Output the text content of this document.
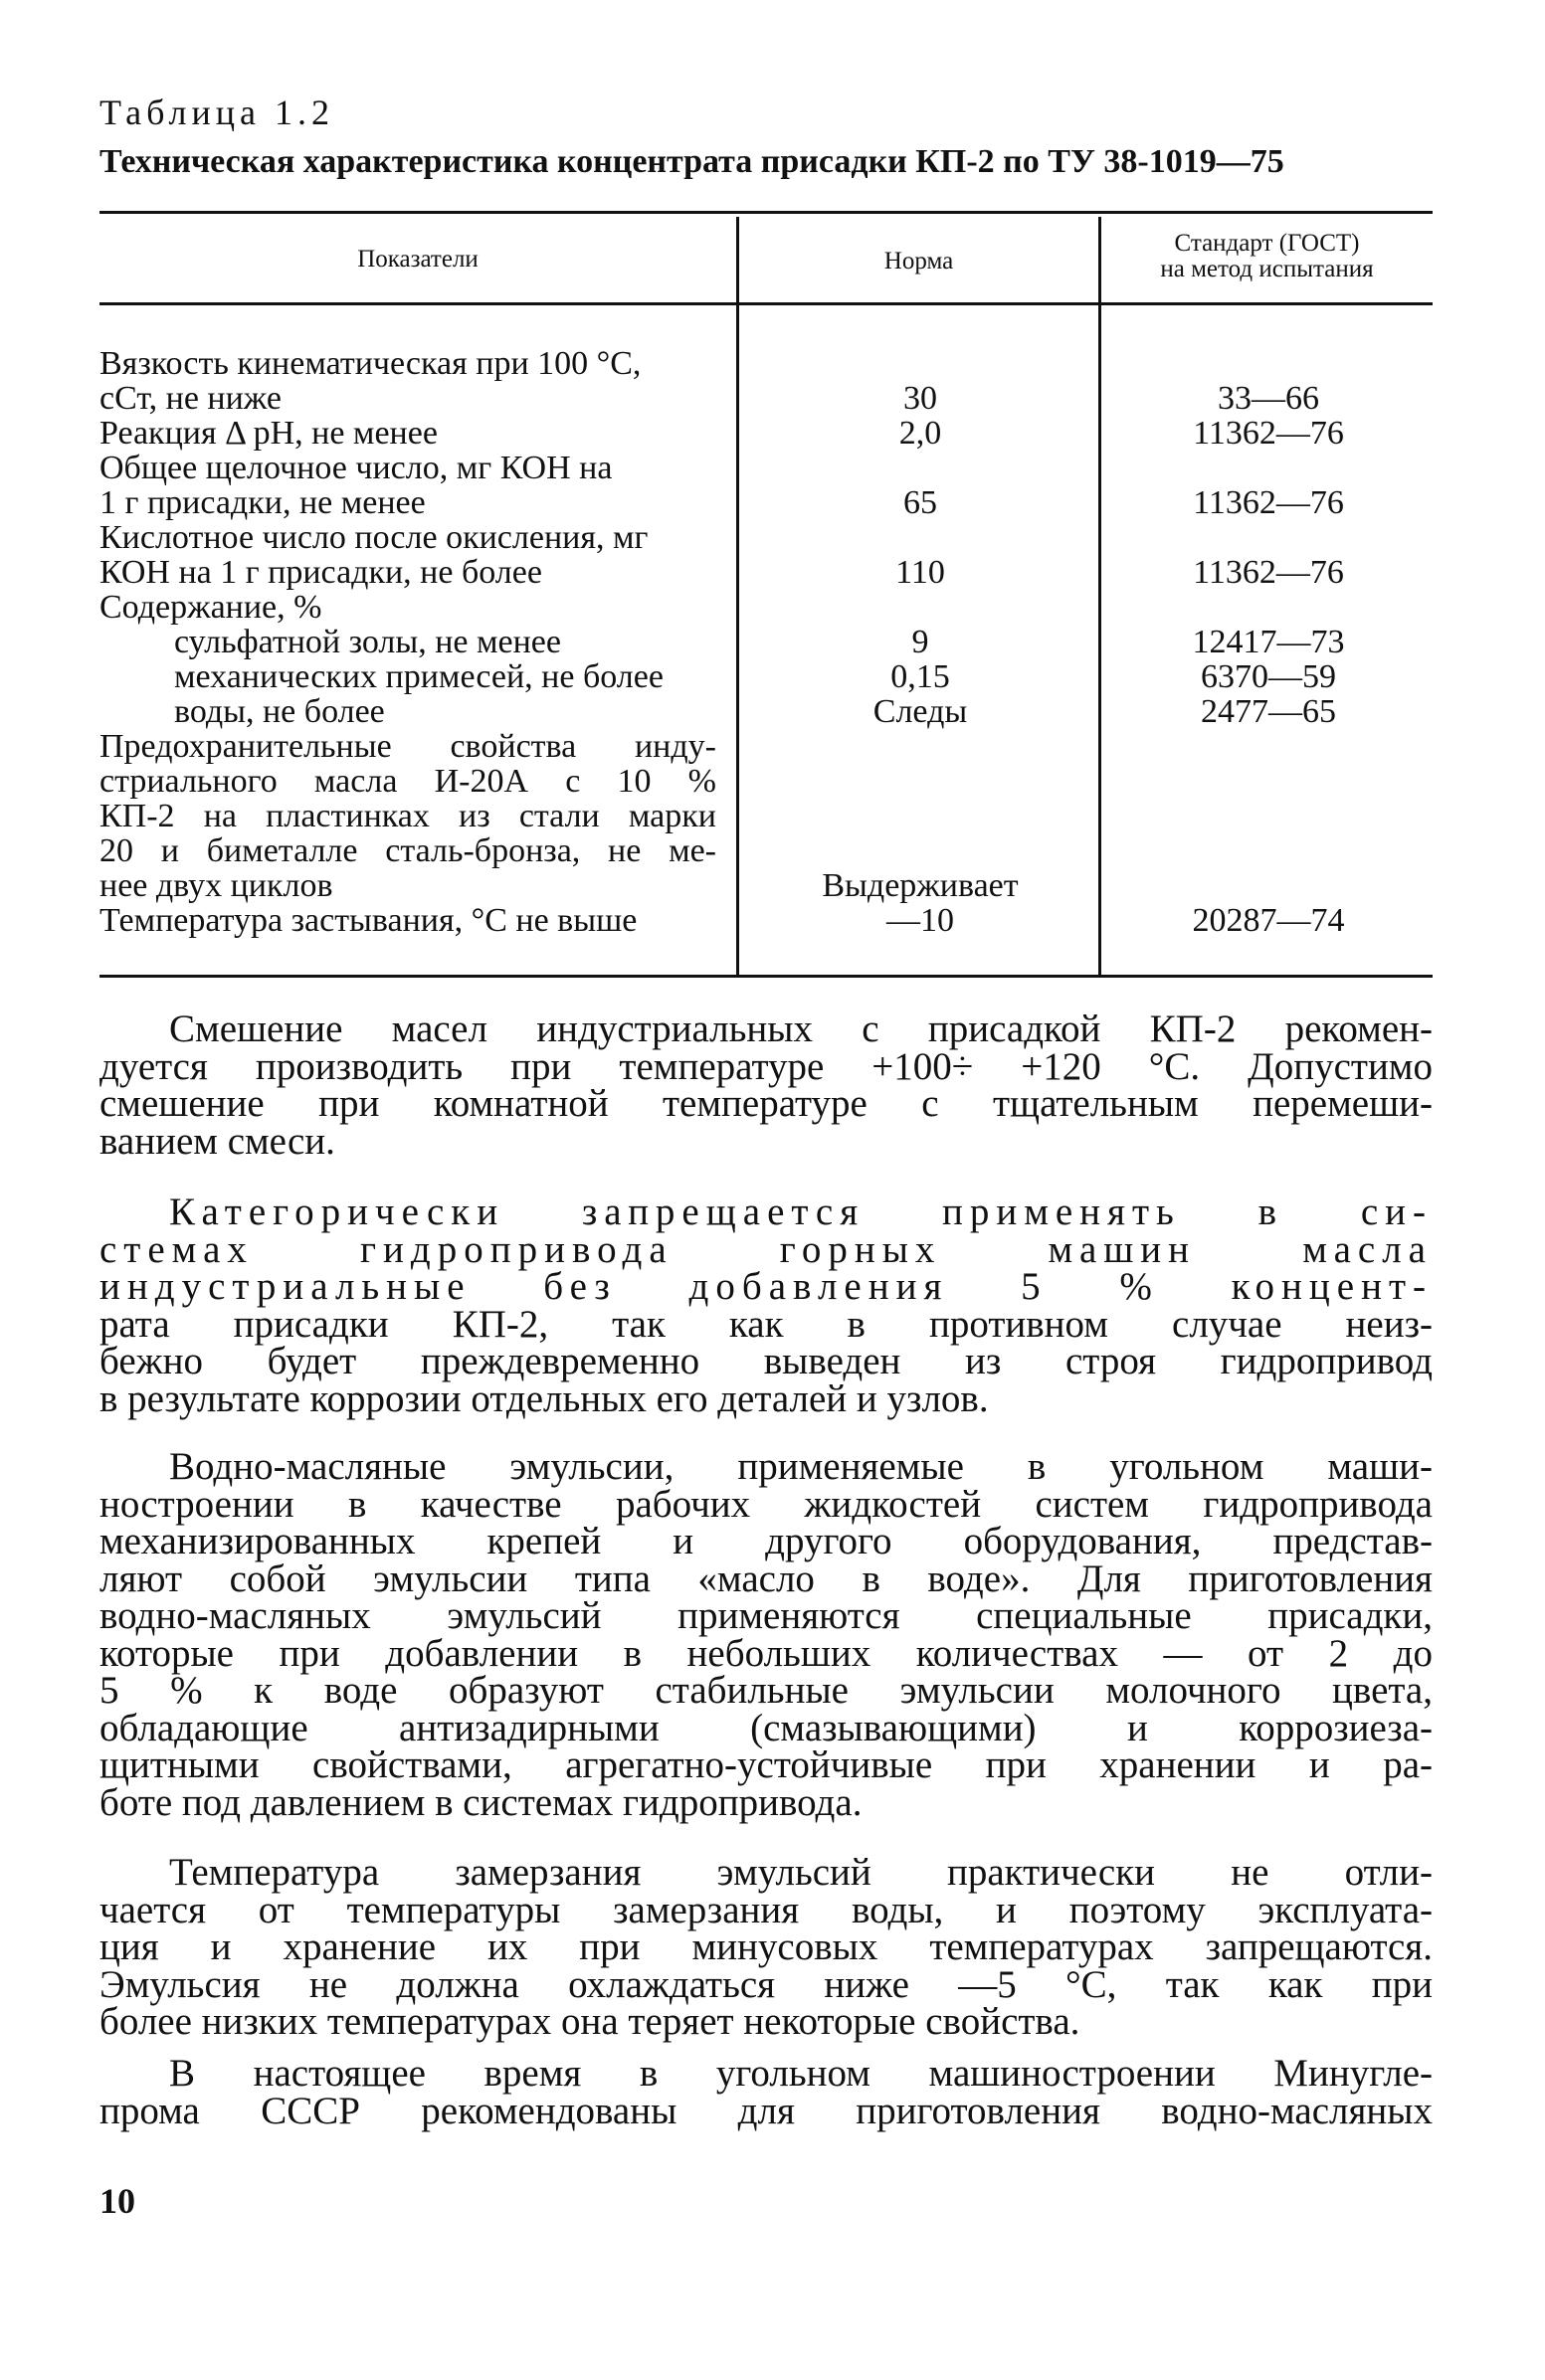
Таблица 1.2
Техническая характеристика концентрата присадки КП-2 по ТУ 38-1019—75
Показатели	Норма
Стандарт (ГОСТ)
на метод испытания
Вязкость кинематическая при 100 °С,
сСт, не ниже	30	33—66
Реакция Δ pH, не менее	2,0	11362—76
Общее щелочное число, мг КОН на
1 г присадки, не менее	65	11362—76
Кислотное число после окисления, мг
КОН на 1 г присадки, не более	110	11362—76
Содержание, %
сульфатной золы, не менее	9	12417—73
механических примесей, не более	0,15	6370—59
воды, не более	Следы	2477—65
Предохранительные свойства инду-
стриального масла И-20А с 10 %
КП-2 на пластинках из стали марки
20 и биметалле сталь-бронза, не ме-
нее двух циклов	Выдерживает
Температура застывания, °С не выше	—10	20287—74
Смешение масел индустриальных с присадкой КП-2 рекомен-
дуется производить при температуре +100÷ +120 °С. Допустимо
смешение при комнатной температуре с тщательным перемеши-
ванием смеси.
Категорически запрещается применять в си-
стемах гидропривода горных машин масла
индустриальные без добавления 5 % концент-
рата присадки КП-2, так как в противном случае неиз-
бежно будет преждевременно выведен из строя гидропривод
в результате коррозии отдельных его деталей и узлов.
Водно-масляные эмульсии, применяемые в угольном маши-
ностроении в качестве рабочих жидкостей систем гидропривода
механизированных крепей и другого оборудования, представ-
ляют собой эмульсии типа «масло в воде». Для приготовления
водно-масляных эмульсий применяются специальные присадки,
которые при добавлении в небольших количествах — от 2 до
5 % к воде образуют стабильные эмульсии молочного цвета,
обладающие антизадирными (смазывающими) и коррозиеза-
щитными свойствами, агрегатно-устойчивые при хранении и ра-
боте под давлением в системах гидропривода.
Температура замерзания эмульсий практически не отли-
чается от температуры замерзания воды, и поэтому эксплуата-
ция и хранение их при минусовых температурах запрещаются.
Эмульсия не должна охлаждаться ниже —5 °С, так как при
более низких температурах она теряет некоторые свойства.
В настоящее время в угольном машиностроении Минугле-
прома СССР рекомендованы для приготовления водно-масляных
10
